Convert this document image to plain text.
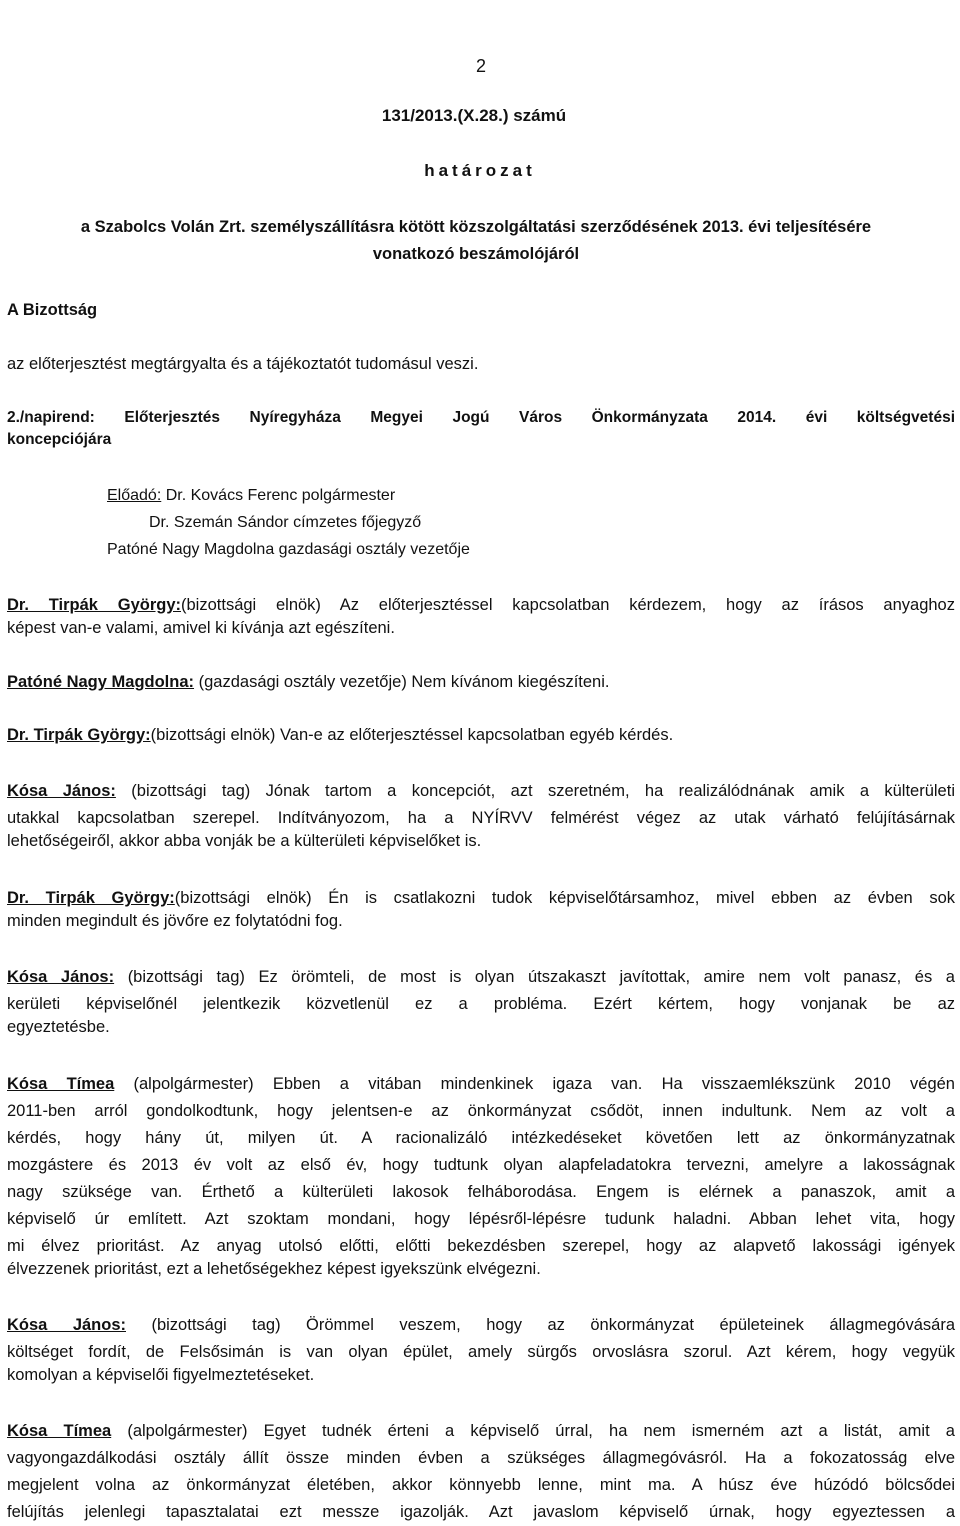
2
131/2013.(X.28.) számú
határozat
a Szabolcs Volán Zrt. személyszállításra kötött közszolgáltatási szerződésének 2013. évi teljesítésére
vonatkozó beszámolójáról
A Bizottság
az előterjesztést megtárgyalta és a tájékoztatót tudomásul veszi.
2./napirend: Előterjesztés Nyíregyháza Megyei Jogú Város Önkormányzata 2014. évi költségvetési
koncepciójára
Előadó: Dr. Kovács Ferenc polgármester
Dr. Szemán Sándor címzetes főjegyző
Patóné Nagy Magdolna gazdasági osztály vezetője
Dr. Tirpák György:(bizottsági elnök) Az előterjesztéssel kapcsolatban kérdezem, hogy az írásos anyaghoz
képest van-e valami, amivel ki kívánja azt egészíteni.
Patóné Nagy Magdolna: (gazdasági osztály vezetője) Nem kívánom kiegészíteni.
Dr. Tirpák György:(bizottsági elnök) Van-e az előterjesztéssel kapcsolatban egyéb kérdés.
Kósa János: (bizottsági tag) Jónak tartom a koncepciót, azt szeretném, ha realizálódnának amik a külterületi
utakkal kapcsolatban szerepel. Indítványozom, ha a NYÍRVV felmérést végez az utak várható felújításárnak
lehetőségeiről, akkor abba vonják be a külterületi képviselőket is.
Dr. Tirpák György:(bizottsági elnök) Én is csatlakozni tudok képviselőtársamhoz, mivel ebben az évben sok
minden megindult és jövőre ez folytatódni fog.
Kósa János: (bizottsági tag) Ez örömteli, de most is olyan útszakaszt javítottak, amire nem volt panasz, és a
kerületi képviselőnél jelentkezik közvetlenül ez a probléma. Ezért kértem, hogy vonjanak be az
egyeztetésbe.
Kósa Tímea (alpolgármester) Ebben a vitában mindenkinek igaza van. Ha visszaemlékszünk 2010 végén
2011-ben arról gondolkodtunk, hogy jelentsen-e az önkormányzat csődöt, innen indultunk. Nem az volt a
kérdés, hogy hány út, milyen út. A racionalizáló intézkedéseket követően lett az önkormányzatnak
mozgástere és 2013 év volt az első év, hogy tudtunk olyan alapfeladatokra tervezni, amelyre a lakosságnak
nagy szüksége van. Érthető a külterületi lakosok felháborodása. Engem is elérnek a panaszok, amit a
képviselő úr említett. Azt szoktam mondani, hogy lépésről-lépésre tudunk haladni. Abban lehet vita, hogy
mi élvez prioritást. Az anyag utolsó előtti, előtti bekezdésben szerepel, hogy az alapvető lakossági igények
élvezzenek prioritást, ezt a lehetőségekhez képest igyekszünk elvégezni.
Kósa János: (bizottsági tag) Örömmel veszem, hogy az önkormányzat épületeinek állagmegóvására
költséget fordít, de Felsősimán is van olyan épület, amely sürgős orvoslásra szorul. Azt kérem, hogy vegyük
komolyan a képviselői figyelmeztetéseket.
Kósa Tímea (alpolgármester) Egyet tudnék érteni a képviselő úrral, ha nem ismerném azt a listát, amit a
vagyongazdálkodási osztály állít össze minden évben a szükséges állagmegóvásról. Ha a fokozatosság elve
megjelent volna az önkormányzat életében, akkor könnyebb lenne, mint ma. A húsz éve húzódó bölcsődei
felújítás jelenlegi tapasztalatai ezt messze igazolják. Azt javaslom képviselő úrnak, hogy egyeztessen a
